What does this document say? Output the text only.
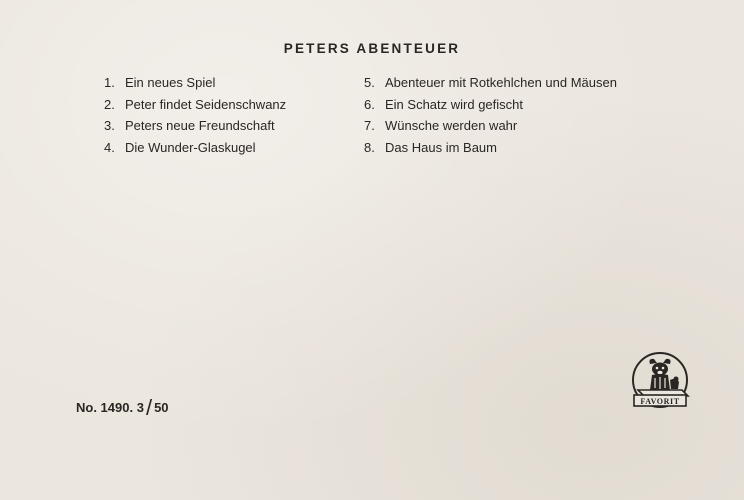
PETERS ABENTEUER
1. Ein neues Spiel
2. Peter findet Seidenschwanz
3. Peters neue Freundschaft
4. Die Wunder-Glaskugel
5. Abenteuer mit Rotkehlchen und Mäusen
6. Ein Schatz wird gefischt
7. Wünsche werden wahr
8. Das Haus im Baum
No. 1490. 3 / 50	FAVORIT
